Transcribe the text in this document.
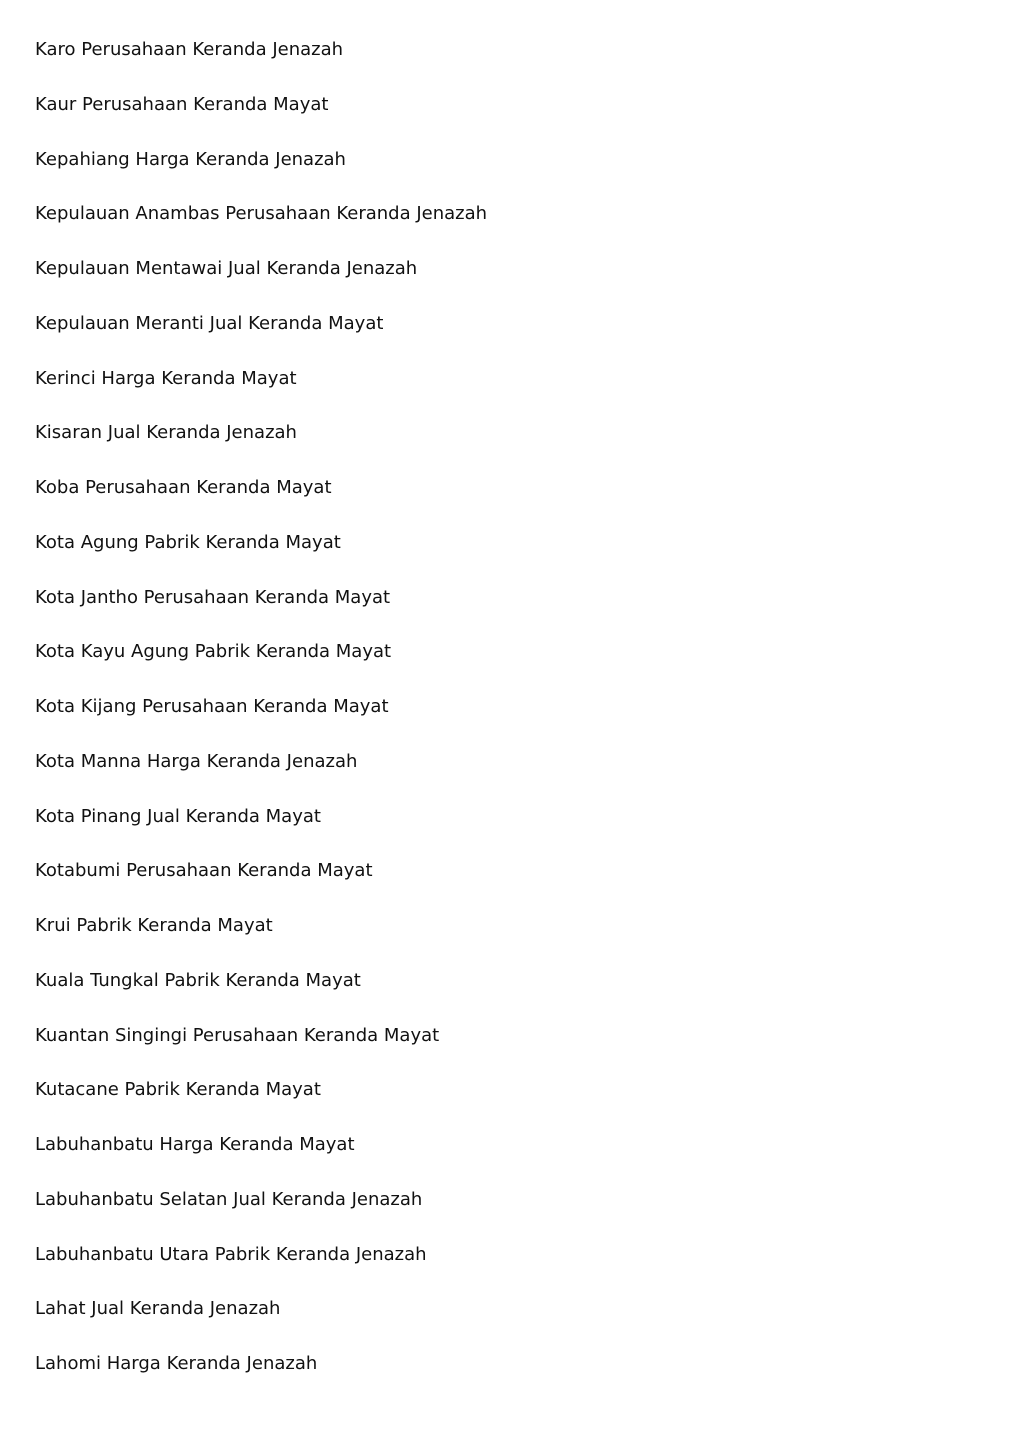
Karo Perusahaan Keranda Jenazah
Kaur Perusahaan Keranda Mayat
Kepahiang Harga Keranda Jenazah
Kepulauan Anambas Perusahaan Keranda Jenazah
Kepulauan Mentawai Jual Keranda Jenazah
Kepulauan Meranti Jual Keranda Mayat
Kerinci Harga Keranda Mayat
Kisaran Jual Keranda Jenazah
Koba Perusahaan Keranda Mayat
Kota Agung Pabrik Keranda Mayat
Kota Jantho Perusahaan Keranda Mayat
Kota Kayu Agung Pabrik Keranda Mayat
Kota Kijang Perusahaan Keranda Mayat
Kota Manna Harga Keranda Jenazah
Kota Pinang Jual Keranda Mayat
Kotabumi Perusahaan Keranda Mayat
Krui Pabrik Keranda Mayat
Kuala Tungkal Pabrik Keranda Mayat
Kuantan Singingi Perusahaan Keranda Mayat
Kutacane Pabrik Keranda Mayat
Labuhanbatu Harga Keranda Mayat
Labuhanbatu Selatan Jual Keranda Jenazah
Labuhanbatu Utara Pabrik Keranda Jenazah
Lahat Jual Keranda Jenazah
Lahomi Harga Keranda Jenazah
